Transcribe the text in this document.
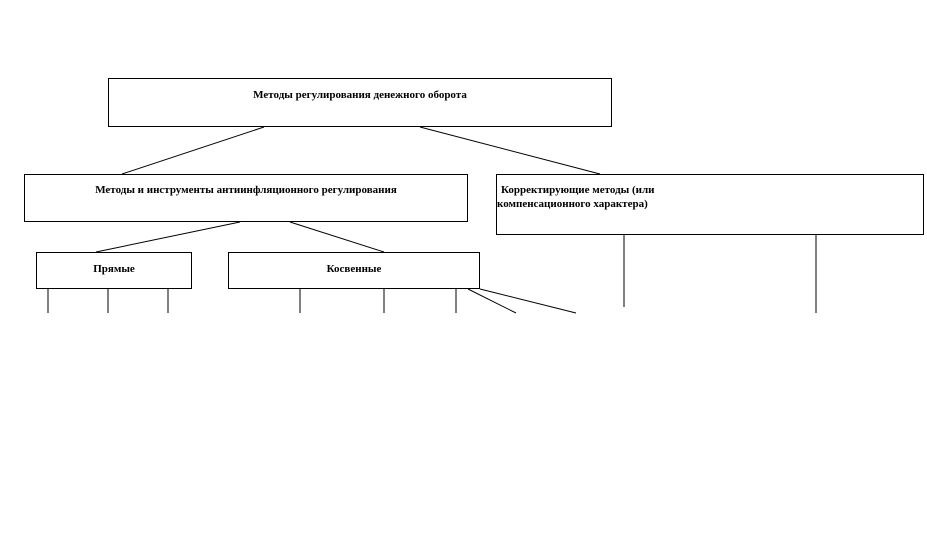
Методы регулирования денежного оборота
Методы и инструменты антиинфляционного регулирования	Корректирующие методы (или
компенсационного характера)
Прямые	Косвенные
